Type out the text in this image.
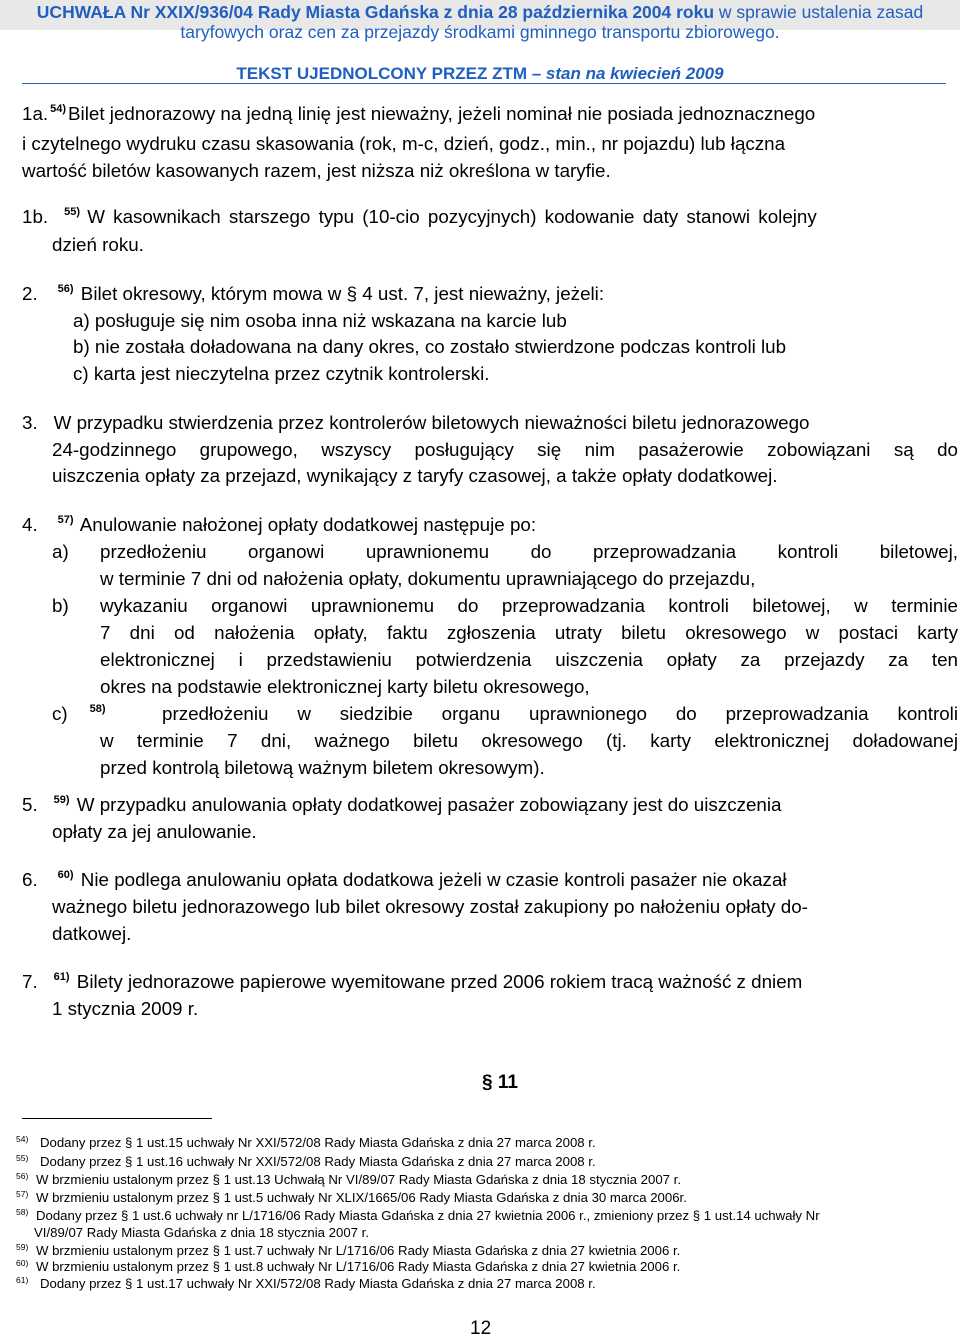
UCHWAŁA Nr XXIX/936/04 Rady Miasta Gdańska z dnia 28 października 2004 roku w sprawie ustalenia zasad
taryfowych oraz cen za przejazdy środkami gminnego transportu zbiorowego.
TEKST UJEDNOLCONY PRZEZ ZTM – stan na kwiecień 2009
1a. $^{54)}$ Bilet jednorazowy na jedną linię jest nieważny, jeżeli nominał nie posiada jednoznacznego
i czytelnego wydruku czasu skasowania (rok, m-c, dzień, godz., min., nr pojazdu) lub łączna
wartość biletów kasowanych razem, jest niższa niż określona w taryfie.
1b. $^{55)}$ W kasownikach starszego typu (10-cio pozycyjnych) kodowanie daty stanowi kolejny
dzień roku.
2. $^{56)}$ Bilet okresowy, którym mowa w § 4 ust. 7, jest nieważny, jeżeli:
a) posługuje się nim osoba inna niż wskazana na karcie lub
b) nie została doładowana na dany okres, co zostało stwierdzone podczas kontroli lub
c) karta jest nieczytelna przez czytnik kontrolerski.
3. W przypadku stwierdzenia przez kontrolerów biletowych nieważności biletu jednorazowego
24-godzinnego grupowego, wszyscy posługujący się nim pasażerowie zobowiązani są do
uiszczenia opłaty za przejazd, wynikający z taryfy czasowej, a także opłaty dodatkowej.
4. $^{57)}$ Anulowanie nałożonej opłaty dodatkowej następuje po:
a) przedłożeniu organowi uprawnionemu do przeprowadzania kontroli biletowej,
w terminie 7 dni od nałożenia opłaty, dokumentu uprawniającego do przejazdu,
b) wykazaniu organowi uprawnionemu do przeprowadzania kontroli biletowej, w terminie
7 dni od nałożenia opłaty, faktu zgłoszenia utraty biletu okresowego w postaci karty
elektronicznej i przedstawieniu potwierdzenia uiszczenia opłaty za przejazdy za ten
okres na podstawie elektronicznej karty biletu okresowego,
c) $^{58)}$	przedłożeniu w siedzibie organu uprawnionego do przeprowadzania kontroli
w terminie 7 dni, ważnego biletu okresowego (tj. karty elektronicznej doładowanej
przed kontrolą biletową ważnym biletem okresowym).
5. $^{59)}$ W przypadku anulowania opłaty dodatkowej pasażer zobowiązany jest do uiszczenia
opłaty za jej anulowanie.
6. $^{60)}$ Nie podlega anulowaniu opłata dodatkowa jeżeli w czasie kontroli pasażer nie okazał
ważnego biletu jednorazowego lub bilet okresowy został zakupiony po nałożeniu opłaty do-
datkowej.
7. $^{61)}$ Bilety jednorazowe papierowe wyemitowane przed 2006 rokiem tracą ważność z dniem
1 stycznia 2009 r.
§ 11
$^{54)}$ Dodany przez § 1 ust.15 uchwały Nr XXI/572/08 Rady Miasta Gdańska z dnia 27 marca 2008 r.
$^{55)}$ Dodany przez § 1 ust.16 uchwały Nr XXI/572/08 Rady Miasta Gdańska z dnia 27 marca 2008 r.
$^{56)}$ W brzmieniu ustalonym przez § 1 ust.13 Uchwałą Nr VI/89/07 Rady Miasta Gdańska z dnia 18 stycznia 2007 r.
$^{57)}$ W brzmieniu ustalonym przez § 1 ust.5 uchwały Nr XLIX/1665/06 Rady Miasta Gdańska z dnia 30 marca 2006r.
$^{58)}$ Dodany przez § 1 ust.6 uchwały nr L/1716/06 Rady Miasta Gdańska z dnia 27 kwietnia 2006 r., zmieniony przez § 1 ust.14 uchwały Nr
VI/89/07 Rady Miasta Gdańska z dnia 18 stycznia 2007 r.
$^{59)}$ W brzmieniu ustalonym przez § 1 ust.7 uchwały Nr L/1716/06 Rady Miasta Gdańska z dnia 27 kwietnia 2006 r.
$^{60)}$ W brzmieniu ustalonym przez § 1 ust.8 uchwały Nr L/1716/06 Rady Miasta Gdańska z dnia 27 kwietnia 2006 r.
$^{61)}$ Dodany przez § 1 ust.17 uchwały Nr XXI/572/08 Rady Miasta Gdańska z dnia 27 marca 2008 r.
12
